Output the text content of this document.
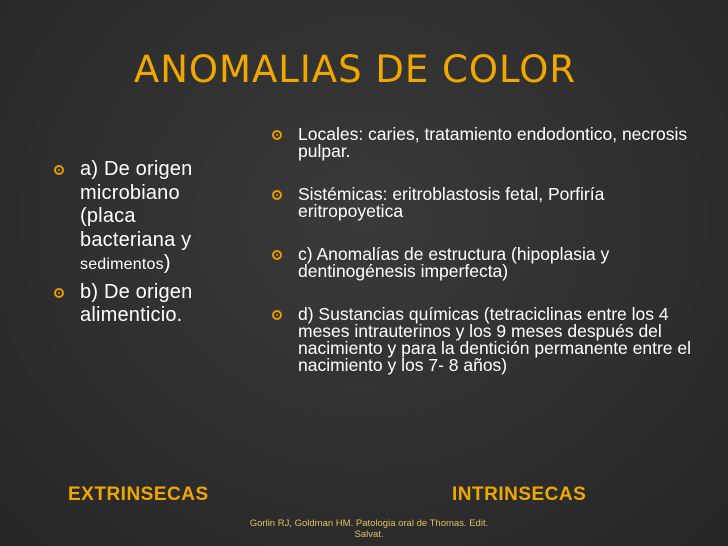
ANOMALIAS DE COLOR
a) De origen microbiano (placa bacteriana y sedimentos)
b) De origen alimenticio.
Locales: caries, tratamiento endodontico, necrosis pulpar.
Sistémicas: eritroblastosis fetal, Porfiría eritropoyetica
c) Anomalías de estructura (hipoplasia y dentinogénesis imperfecta)
d) Sustancias químicas (tetraciclinas entre los 4 meses intrauterinos y los 9 meses después del nacimiento y para la dentición permanente entre el nacimiento y los 7- 8 años)
EXTRINSECAS	INTRINSECAS
Gorlin RJ, Goldman HM. Patologia oral de Thomas. Edit. Salvat.
